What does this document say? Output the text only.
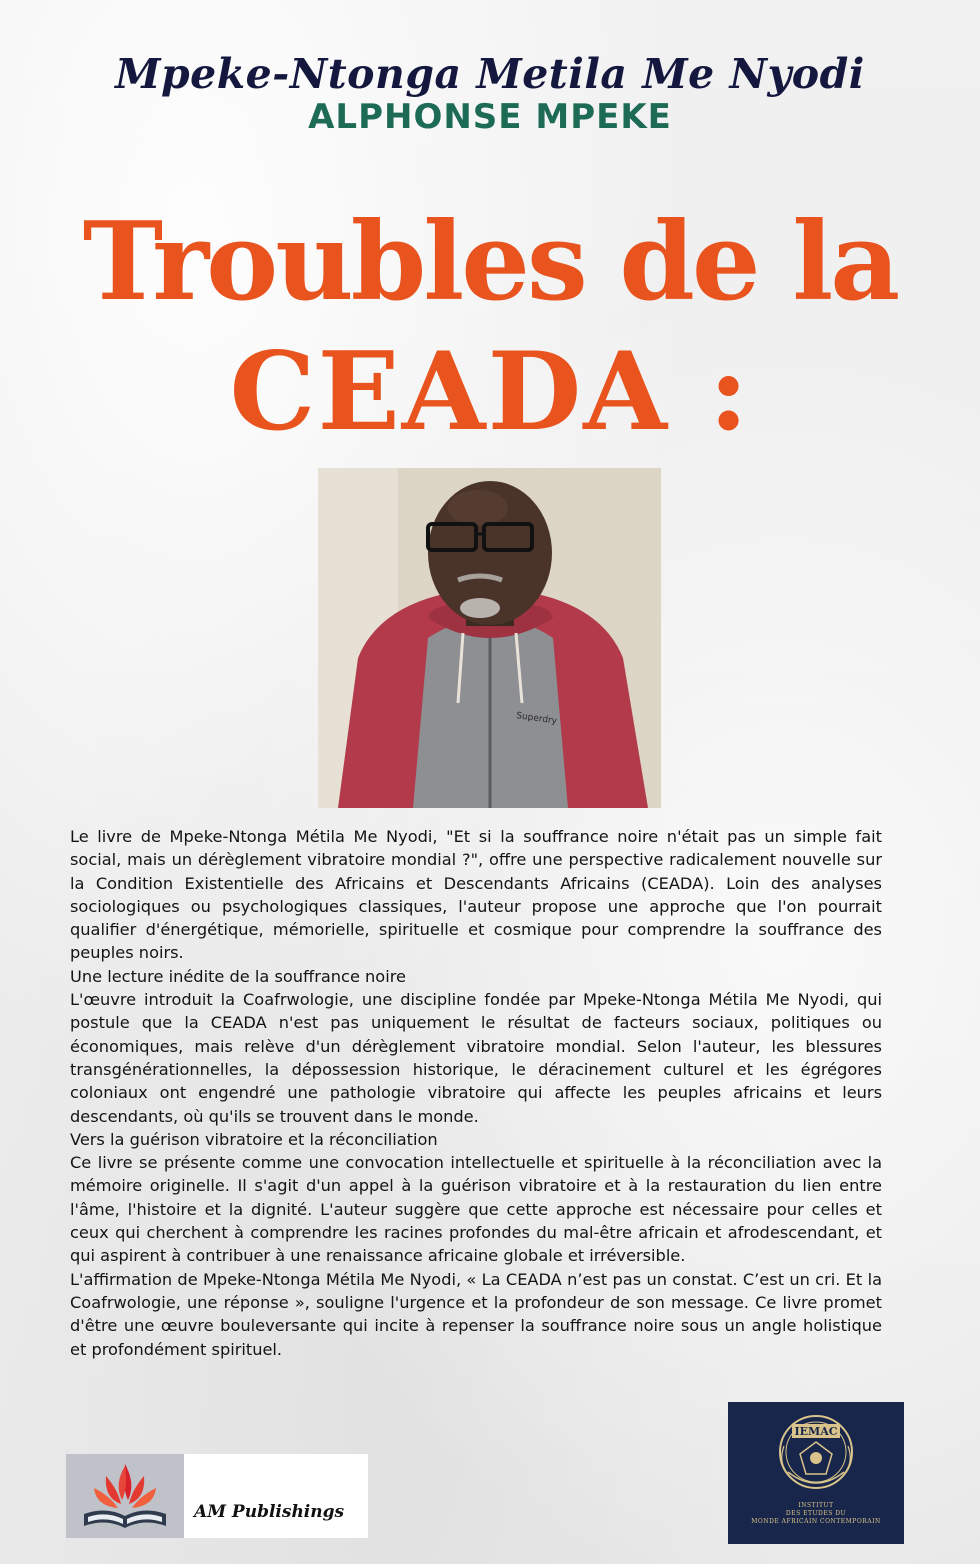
Mpeke-Ntonga Metila Me Nyodi
ALPHONSE MPEKE
Troubles de la
CEADA :
Superdry

Le livre de Mpeke-Ntonga Métila Me Nyodi, "Et si la souffrance noire n'était pas un simple fait social, mais un dérèglement vibratoire mondial ?", offre une perspective radicalement nouvelle sur la Condition Existentielle des Africains et Descendants Africains (CEADA). Loin des analyses sociologiques ou psychologiques classiques, l'auteur propose une approche que l'on pourrait qualifier d'énergétique, mémorielle, spirituelle et cosmique pour comprendre la souffrance des peuples noirs.

Une lecture inédite de la souffrance noire

L'œuvre introduit la Coafrwologie, une discipline fondée par Mpeke-Ntonga Métila Me Nyodi, qui postule que la CEADA n'est pas uniquement le résultat de facteurs sociaux, politiques ou économiques, mais relève d'un dérèglement vibratoire mondial. Selon l'auteur, les blessures transgénérationnelles, la dépossession historique, le déracinement culturel et les égrégores coloniaux ont engendré une pathologie vibratoire qui affecte les peuples africains et leurs descendants, où qu'ils se trouvent dans le monde.

Vers la guérison vibratoire et la réconciliation

Ce livre se présente comme une convocation intellectuelle et spirituelle à la réconciliation avec la mémoire originelle. Il s'agit d'un appel à la guérison vibratoire et à la restauration du lien entre l'âme, l'histoire et la dignité. L'auteur suggère que cette approche est nécessaire pour celles et ceux qui cherchent à comprendre les racines profondes du mal-être africain et afrodescendant, et qui aspirent à contribuer à une renaissance africaine globale et irréversible.

L'affirmation de Mpeke-Ntonga Métila Me Nyodi, « La CEADA n’est pas un constat. C’est un cri. Et la Coafrwologie, une réponse », souligne l'urgence et la profondeur de son message. Ce livre promet d'être une œuvre bouleversante qui incite à repenser la souffrance noire sous un angle holistique et profondément spirituel.

AM Publishings
IEMAC
INSTITUT
DES ETUDES DU
MONDE AFRICAIN CONTEMPORAIN
